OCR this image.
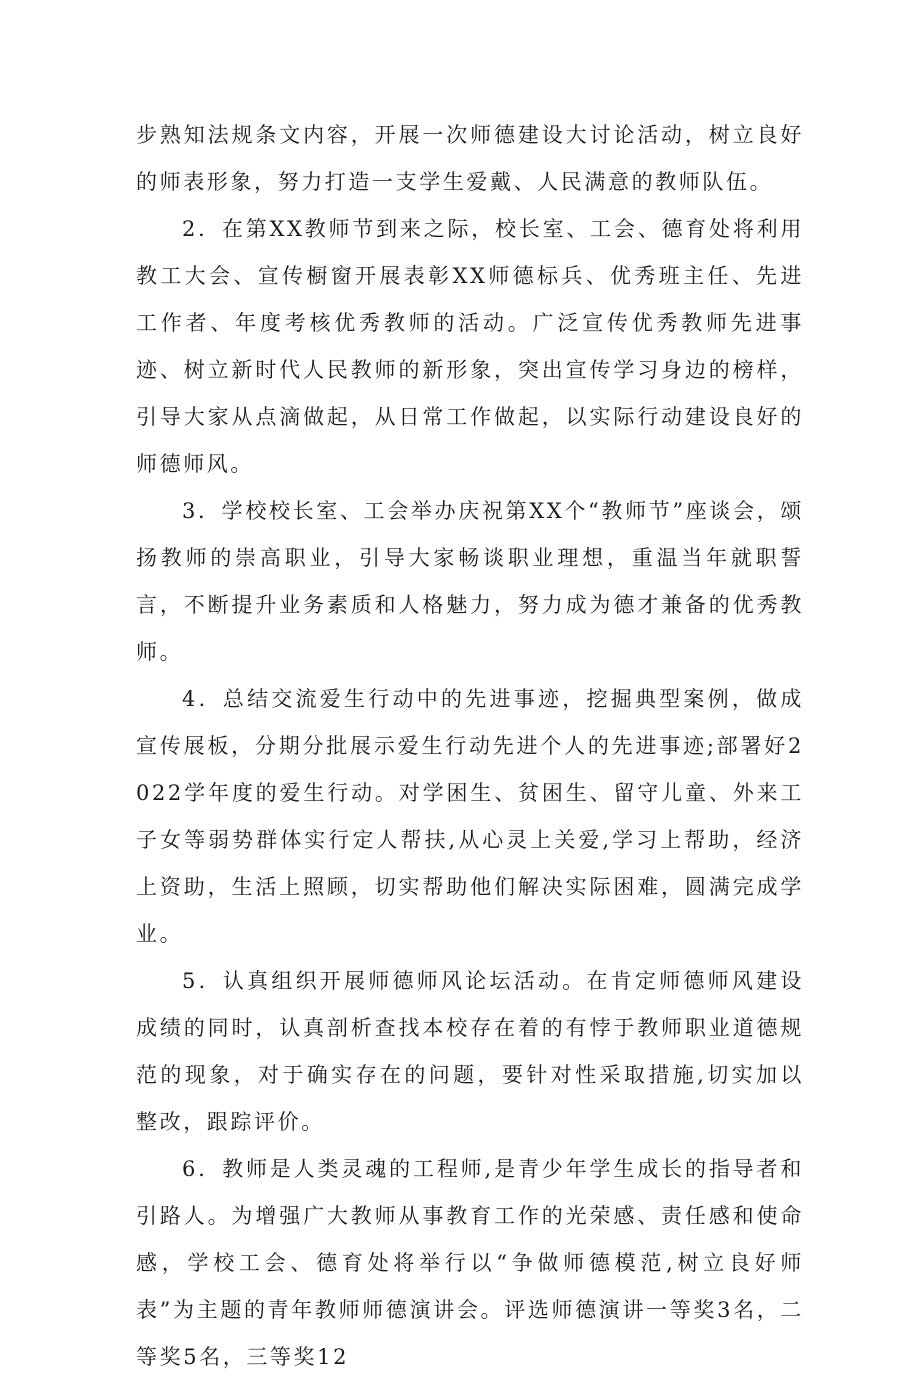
步熟知法规条文内容，开展一次师德建设大讨论活动，树立良好的师表形象，努力打造一支学生爱戴、人民满意的教师队伍。

2．在第XX教师节到来之际，校长室、工会、德育处将利用教工大会、宣传橱窗开展表彰XX师德标兵、优秀班主任、先进工作者、年度考核优秀教师的活动。广泛宣传优秀教师先进事迹、树立新时代人民教师的新形象，突出宣传学习身边的榜样，引导大家从点滴做起，从日常工作做起，以实际行动建设良好的师德师风。

3．学校校长室、工会举办庆祝第XX个“教师节”座谈会，颂扬教师的崇高职业，引导大家畅谈职业理想，重温当年就职誓言，不断提升业务素质和人格魅力，努力成为德才兼备的优秀教师。

4．总结交流爱生行动中的先进事迹，挖掘典型案例，做成宣传展板，分期分批展示爱生行动先进个人的先进事迹;部署好2022学年度的爱生行动。对学困生、贫困生、留守儿童、外来工子女等弱势群体实行定人帮扶,从心灵上关爱,学习上帮助，经济上资助，生活上照顾，切实帮助他们解决实际困难，圆满完成学业。

5．认真组织开展师德师风论坛活动。在肯定师德师风建设成绩的同时，认真剖析查找本校存在着的有悖于教师职业道德规范的现象，对于确实存在的问题，要针对性采取措施,切实加以整改，跟踪评价。

6．教师是人类灵魂的工程师,是青少年学生成长的指导者和引路人。为增强广大教师从事教育工作的光荣感、责任感和使命感，学校工会、德育处将举行以“争做师德模范,树立良好师表”为主题的青年教师师德演讲会。评选师德演讲一等奖3名，二等奖5名，三等奖12
